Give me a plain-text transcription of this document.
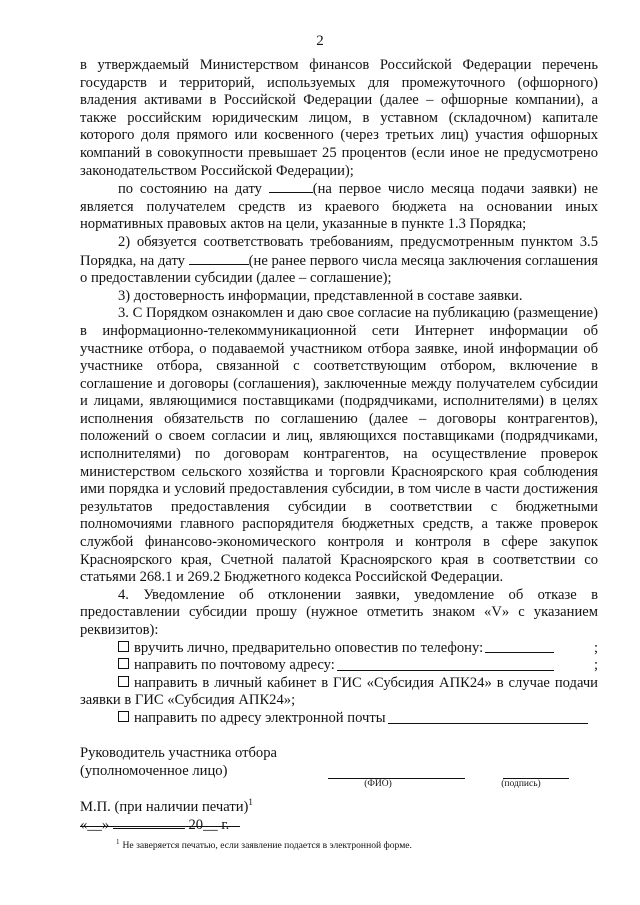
2

в утверждаемый Министерством финансов Российской Федерации перечень государств и территорий, используемых для промежуточного (офшорного) владения активами в Российской Федерации (далее – офшорные компании), а также российским юридическим лицом, в уставном (складочном) капитале которого доля прямого или косвенного (через третьих лиц) участия офшорных компаний в совокупности превышает 25 процентов (если иное не предусмотрено законодательством Российской Федерации);

по состоянию на дату	(на первое число месяца подачи заявки) не является получателем средств из краевого бюджета на основании иных нормативных правовых актов на цели, указанные в пункте 1.3 Порядка;

2) обязуется соответствовать требованиям, предусмотренным пунктом 3.5 Порядка, на дату	(не ранее первого числа месяца заключения соглашения о предоставлении субсидии (далее – соглашение);

3) достоверность информации, представленной в составе заявки.

3. С Порядком ознакомлен и даю свое согласие на публикацию (размещение) в информационно-телекоммуникационной сети Интернет информации об участнике отбора, о подаваемой участником отбора заявке, иной информации об участнике отбора, связанной с соответствующим отбором, включение в соглашение и договоры (соглашения), заключенные между получателем субсидии и лицами, являющимися поставщиками (подрядчиками, исполнителями) в целях исполнения обязательств по соглашению (далее – договоры контрагентов), положений о своем согласии и лиц, являющихся поставщиками (подрядчиками, исполнителями) по договорам контрагентов, на осуществление проверок министерством сельского хозяйства и торговли Красноярского края соблюдения ими порядка и условий предоставления субсидии, в том числе в части достижения результатов предоставления субсидии в соответствии с бюджетными полномочиями главного распорядителя бюджетных средств, а также проверок службой финансово-экономического контроля и контроля в сфере закупок Красноярского края, Счетной палатой Красноярского края в соответствии со статьями 268.1 и 269.2 Бюджетного кодекса Российской Федерации.

4. Уведомление об отклонении заявки, уведомление об отказе в предоставлении субсидии прошу (нужное отметить знаком «V» с указанием реквизитов):

вручить лично, предварительно оповестив по телефону:	;

направить по почтовому адресу:	;

направить в личный кабинет в ГИС «Субсидия АПК24» в случае подачи заявки в ГИС «Субсидия АПК24»;

направить по адресу электронной почты

Руководитель участника отбора
(уполномоченное лицо)
(ФИО)	(подпись)
М.П. (при наличии печати)$^1$
«__»	20__ г.
$^1$ Не заверяется печатью, если заявление подается в электронной форме.
